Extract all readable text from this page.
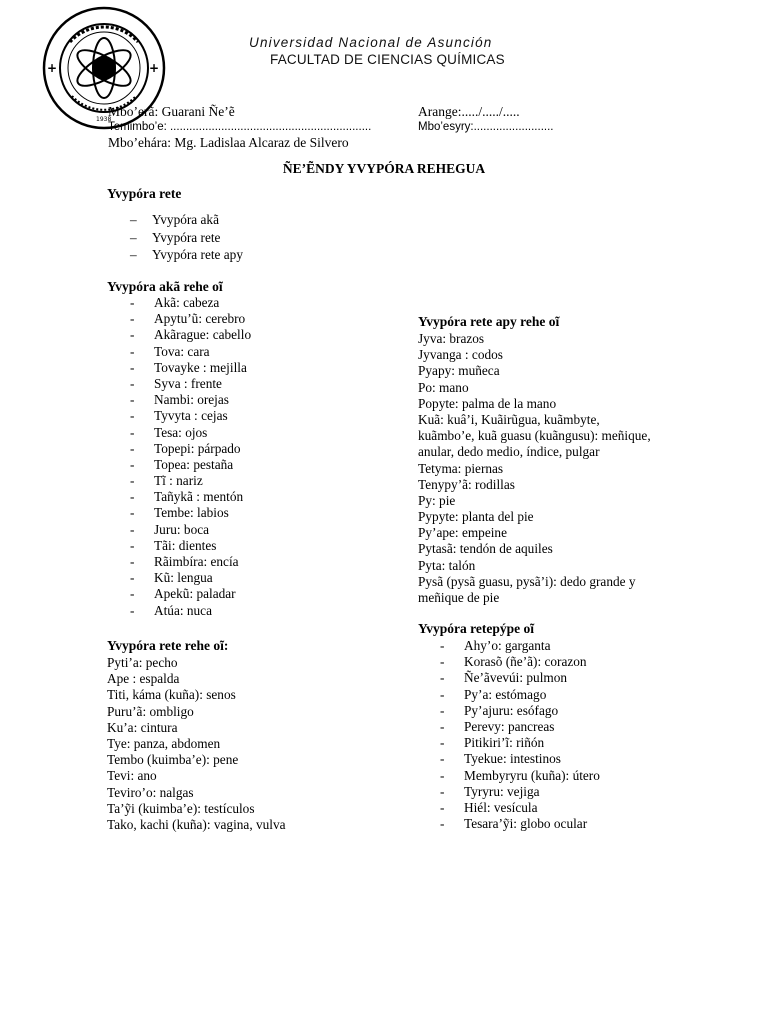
+	+
1938
Universidad Nacional de Asunción
FACULTAD DE CIENCIAS QUÍMICAS
Mbo’erã: Guarani Ñe’ẽ	Arange:...../...../.....
Temimbo’e: ...............................................................	Mbo’esyry:.........................
Mbo’ehára: Mg. Ladislaa Alcaraz de Silvero
ÑE’ẼNDY YVYPÓRA REHEGUA
Yvypóra rete
– Yvypóra akã
– Yvypóra rete
– Yvypóra rete apy
Yvypóra akã rehe oĩ
- Akã: cabeza
- Apytu’ũ: cerebro
- Akãrague: cabello
- Tova: cara
- Tovayke : mejilla
- Syva : frente
- Nambi: orejas
- Tyvyta : cejas
- Tesa: ojos
- Topepi: párpado
- Topea: pestaña
- Tĩ : nariz
- Tañykã : mentón
- Tembe: labios
- Juru: boca
- Tãi: dientes
- Rãimbíra: encía
- Kũ: lengua
- Apekũ: paladar
- Atúa: nuca
Yvypóra rete rehe oĩ:
Pyti’a: pecho
Ape : espalda
Titi, káma (kuña): senos
Puru’ã: ombligo
Ku’a: cintura
Tye: panza, abdomen
Tembo (kuimba’e): pene
Tevi: ano
Teviro’o: nalgas
Ta’ỹi (kuimba’e): testículos
Tako, kachi (kuña): vagina, vulva
Yvypóra rete apy rehe oĩ
Jyva: brazos
Jyvanga : codos
Pyapy: muñeca
Po: mano
Popyte: palma de la mano
Kuã: kuâ’i, Kuãirũgua, kuãmbyte,
kuãmbo’e, kuã guasu (kuãngusu): meñique,
anular, dedo medio, índice, pulgar
Tetyma: piernas
Tenypy’ã: rodillas
Py: pie
Pypyte: planta del pie
Py’ape: empeine
Pytasã: tendón de aquiles
Pyta: talón
Pysã (pysã guasu, pysã’i): dedo grande y
meñique de pie
Yvypóra retepýpe oĩ
- Ahy’o: garganta
- Korasõ (ñe’ã): corazon
- Ñe’ãvevúi: pulmon
- Py’a: estómago
- Py’ajuru: esófago
- Perevy: pancreas
- Pitikiri’ĩ: riñón
- Tyekue: intestinos
- Membyryru (kuña): útero
- Tyryru: vejiga
- Hiél: vesícula
- Tesara’ỹi: globo ocular
